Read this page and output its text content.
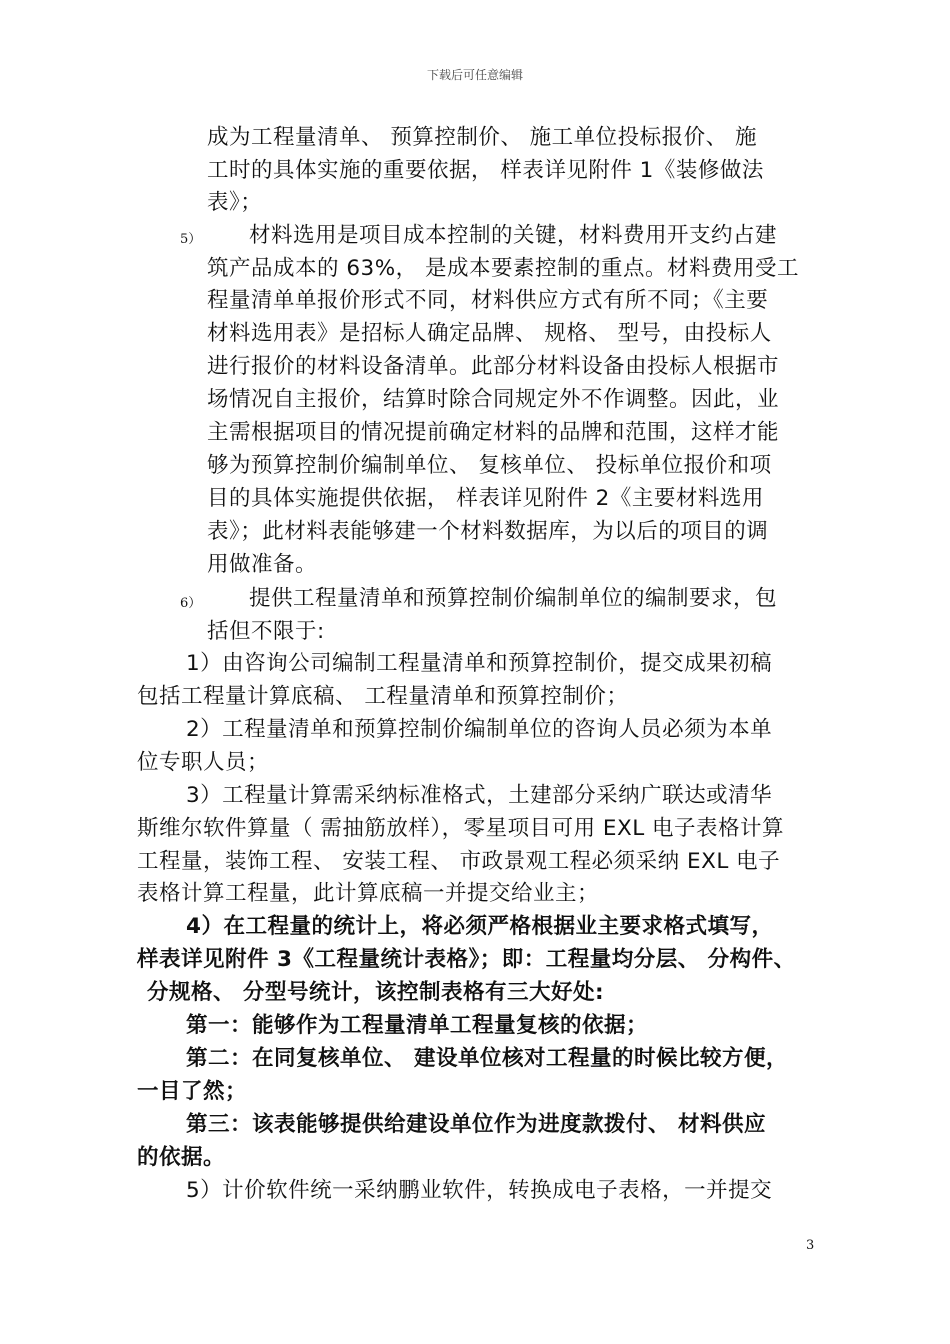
下载后可任意编辑
成为工程量清单、 预算控制价、 施工单位投标报价、 施
工时的具体实施的重要依据， 样表详见附件 1《装修做法
表》；
5） 材料选用是项目成本控制的关键，材料费用开支约占建
筑产品成本的 63%， 是成本要素控制的重点。材料费用受工
程量清单单报价形式不同，材料供应方式有所不同；《主要
材料选用表》是招标人确定品牌、 规格、 型号，由投标人
进行报价的材料设备清单。此部分材料设备由投标人根据市
场情况自主报价，结算时除合同规定外不作调整。因此，业
主需根据项目的情况提前确定材料的品牌和范围，这样才能
够为预算控制价编制单位、 复核单位、 投标单位报价和项
目的具体实施提供依据， 样表详见附件 2《主要材料选用
表》；此材料表能够建一个材料数据库，为以后的项目的调
用做准备。
6） 提供工程量清单和预算控制价编制单位的编制要求，包
括但不限于:
1）由咨询公司编制工程量清单和预算控制价，提交成果初稿
包括工程量计算底稿、 工程量清单和预算控制价；
2）工程量清单和预算控制价编制单位的咨询人员必须为本单
位专职人员；
3）工程量计算需采纳标准格式，土建部分采纳广联达或清华
斯维尔软件算量（ 需抽筋放样），零星项目可用 EXL 电子表格计算
工程量，装饰工程、 安装工程、 市政景观工程必须采纳 EXL 电子
表格计算工程量，此计算底稿一并提交给业主；
4）在工程量的统计上，将必须严格根据业主要求格式填写，
样表详见附件 3《工程量统计表格》；即：工程量均分层、 分构件、
分规格、 分型号统计，该控制表格有三大好处:
第一：能够作为工程量清单工程量复核的依据；
第二：在同复核单位、 建设单位核对工程量的时候比较方便，
一目了然；
第三：该表能够提供给建设单位作为进度款拨付、 材料供应
的依据。
5）计价软件统一采纳鹏业软件，转换成电子表格，一并提交
3
